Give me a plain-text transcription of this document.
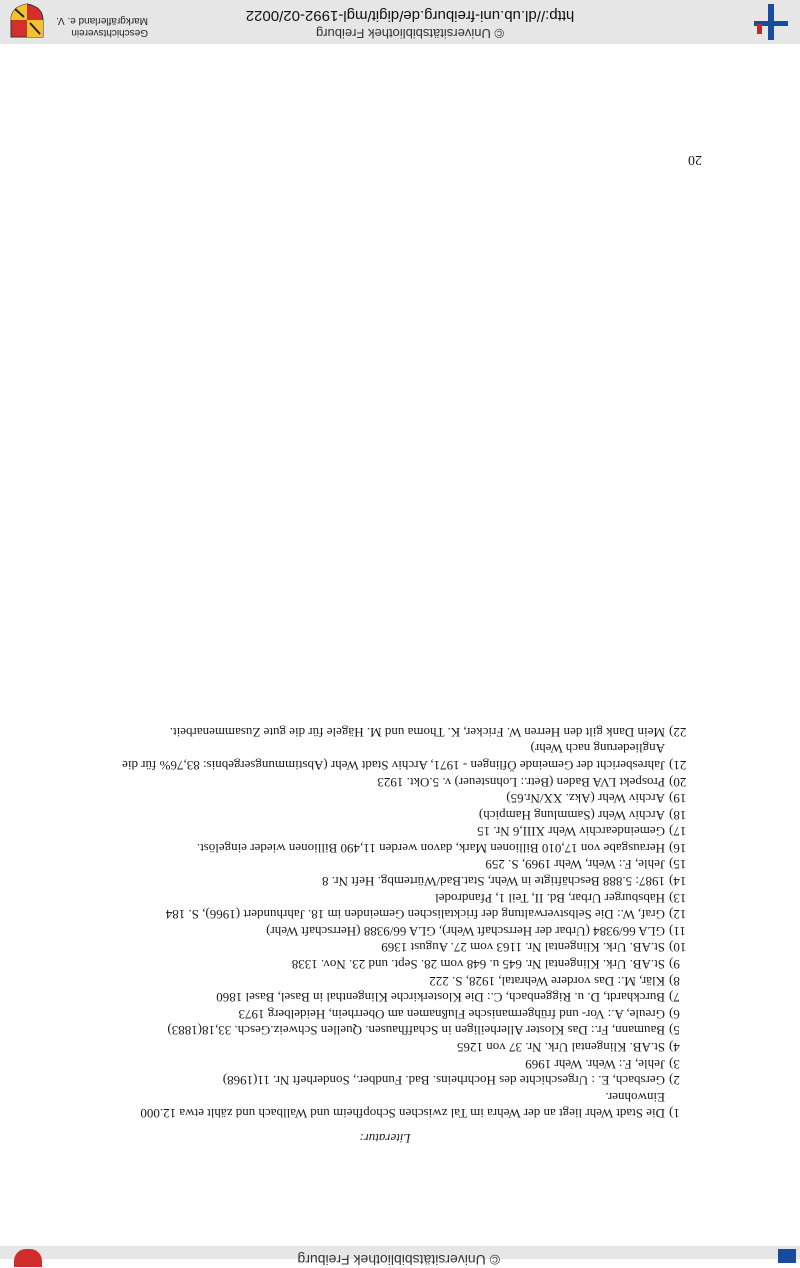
© Universitätsbibliothek Freiburg
Literatur:
1)
Die Stadt Wehr liegt an der Wehra im Tal zwischen Schopfheim und Wallbach und zählt etwa 12.000 Einwohner.
2)
Gersbach, E. : Urgeschichte des Hochrheins. Bad. Fundber., Sonderheft Nr. 11(1968)
3)
Jehle, F.: Wehr. Wehr 1969
4)
St.AB. Klingental Urk. Nr. 37 von 1265
5)
Baumann, Fr.: Das Kloster Allerheiligen in Schaffhausen. Quellen Schweiz.Gesch. 33,18(1883)
6)
Greule, A.: Vor- und frühgermanische Flußnamen am Oberrhein, Heidelberg 1973
7)
Burckhardt, D. u. Riggenbach, C.: Die Klosterkirche Klingenthal in Basel, Basel 1860
8)
Klär, M.: Das vordere Wehratal, 1928, S. 222
9)
St.AB. Urk. Klingental Nr. 645 u. 648 vom 28. Sept. und 23. Nov. 1338
10)
St.AB. Urk. Klingental Nr. 1163 vom 27. August 1369
11)
GLA 66/9384 (Urbar der Herrschaft Wehr), GLA 66/9388 (Herrschaft Wehr)
12)
Graf, W.: Die Selbstverwaltung der fricktalischen Gemeinden im 18. Jahrhundert (1966), S. 184
13)
Habsburger Urbar, Bd. II, Teil 1, Pfandrodel
14)
1987: 5.888 Beschäftigte in Wehr, Stat.Bad/Würtembg. Heft Nr. 8
15)
Jehle, F.: Wehr, Wehr 1969, S. 259
16)
Herausgabe von 17,010 Billionen Mark, davon werden 11,490 Billionen wieder eingelöst.
17)
Gemeindearchiv Wehr XIII,6 Nr. 15
18)
Archiv Wehr (Sammlung Hampich)
19)
Archiv Wehr (Akz. XX/Nr.65)
20)
Prospekt LVA Baden (Betr.: Lohnsteuer) v. 5.Okt. 1923
21)
Jahresbericht der Gemeinde Öflingen - 1971, Archiv Stadt Wehr (Abstimmungsergebnis: 83,76% für die Angliederung nach Wehr)
22)
Mein Dank gilt den Herren W. Fricker, K. Thoma und M. Hägele für die gute Zusammenarbeit.
20
© Universitätsbibliothek Freiburg
http://dl.ub.uni-freiburg.de/digit/mgl-1992-02/0022
Geschichtsverein
Markgräflerland e. V.
